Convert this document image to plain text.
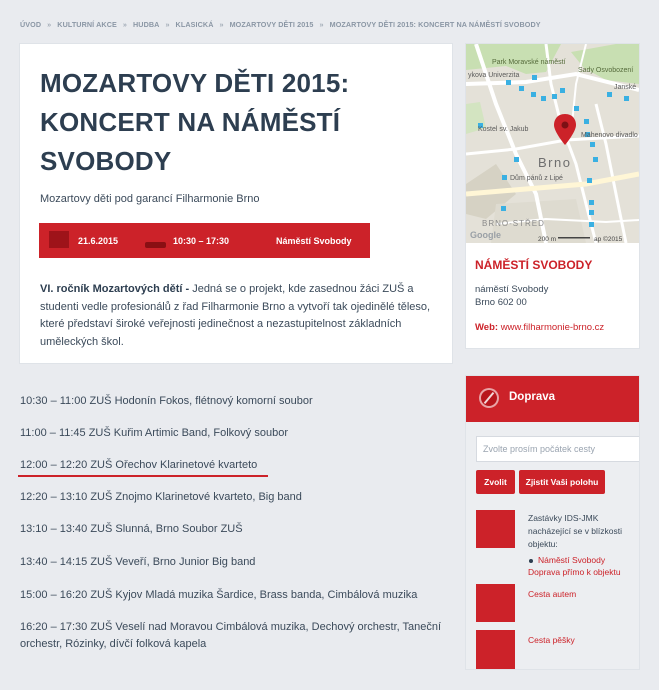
ÚVOD » KULTURNÍ AKCE » HUDBA » KLASICKÁ » MOZARTOVY DĚTI 2015 » MOZARTOVY DĚTI 2015: KONCERT NA NÁMĚSTÍ SVOBODY
MOZARTOVY DĚTI 2015: KONCERT NA NÁMĚSTÍ SVOBODY
Mozartovy děti pod garancí Filharmonie Brno
21.6.2015	10:30 – 17:30	Náměstí Svobody
VI. ročník Mozartových dětí - Jedná se o projekt, kde zasednou žáci ZUŠ a studenti vedle profesionálů z řad Filharmonie Brno a vytvoří tak ojedinělé těleso, které představí široké veřejnosti jedinečnost a nezastupitelnost základních uměleckých škol.
Park Moravské náměstí
ykova Univerzita
Sady Osvobození
Janské
Kostel sv. Jakub
Mahenovo divadlo
Brno
Dům pánů z Lipé
BRNO-STŘED
Google	200 m	ap ©2015
NÁMĚSTÍ SVOBODY
náměstí Svobody
Brno 602 00
Web: www.filharmonie-brno.cz
10:30 – 11:00 ZUŠ Hodonín Fokos, flétnový komorní soubor
11:00 – 11:45 ZUŠ Kuřim Artimic Band, Folkový soubor
12:00 – 12:20 ZUŠ Ořechov Klarinetové kvarteto
12:20 – 13:10 ZUŠ Znojmo Klarinetové kvarteto, Big band
13:10 – 13:40 ZUŠ Slunná, Brno Soubor ZUŠ
13:40 – 14:15 ZUŠ Veveří, Brno Junior Big band
15:00 – 16:20 ZUŠ Kyjov Mladá muzika Šardice, Brass banda, Cimbálová muzika
16:20 – 17:30 ZUŠ Veselí nad Moravou Cimbálová muzika, Dechový orchestr, Taneční orchestr, Rózinky, dívčí folková kapela
Doprava
Zvolte prosím počátek cesty
Zvolit	Zjistit Vaši polohu
Zastávky IDS-JMK nacházející se v blízkosti objektu:
Náměstí Svobody
Doprava přímo k objektu
Cesta autem
Cesta pěšky
